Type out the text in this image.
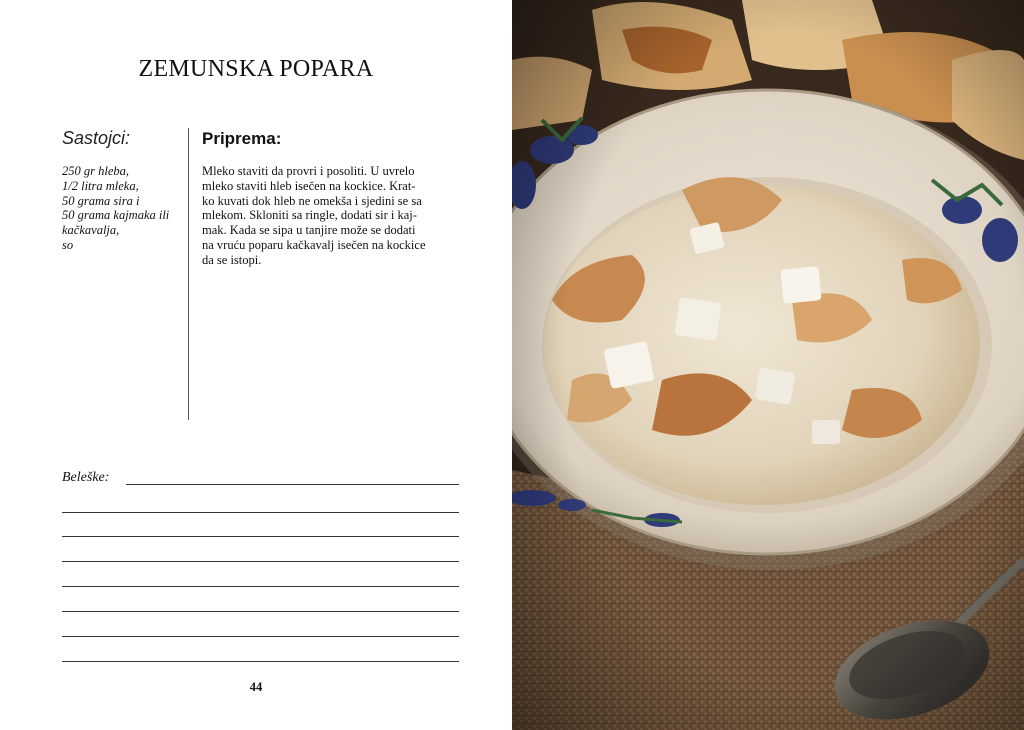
ZEMUNSKA POPARA
Sastojci:
250 gr hleba,
1/2 litra mleka,
50 grama sira i
50 grama kajmaka ili
kačkavalja,
so
Priprema:
Mleko staviti da provri i posoliti. U uvrelo
mleko staviti hleb isečen na kockice. Krat-
ko kuvati dok hleb ne omekša i sjedini se sa
mlekom. Skloniti sa ringle, dodati sir i kaj-
mak. Kada se sipa u tanjire može se dodati
na vruću poparu kačkavalj isečen na kockice
da se istopi.
Beleške:
44
